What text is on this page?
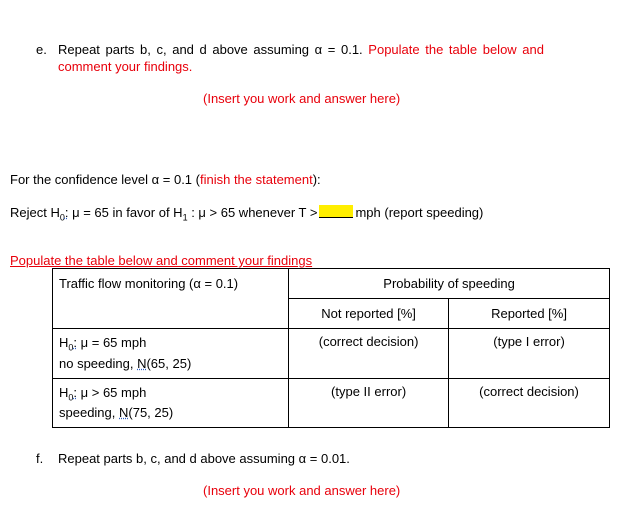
e. Repeat parts b, c, and d above assuming α = 0.1. Populate the table below and
comment your findings.
(Insert you work and answer here)
For the confidence level α = 0.1 (finish the statement):
Reject $H_0$: μ = 65 in favor of $H_1$ : μ > 65 whenever T >	mph (report speeding)
Populate the table below and comment your findings
Traffic flow monitoring (α = 0.1)	Probability of speeding	

	Not reported [%]	Reported [%]

$H_0$: μ = 65 mph
no speeding, N(65, 25)	(correct decision)	(type I error)

$H_0$: μ > 65 mph
speeding, N(75, 25)	(type II error)	(correct decision)
f. Repeat parts b, c, and d above assuming α = 0.01.
(Insert you work and answer here)
